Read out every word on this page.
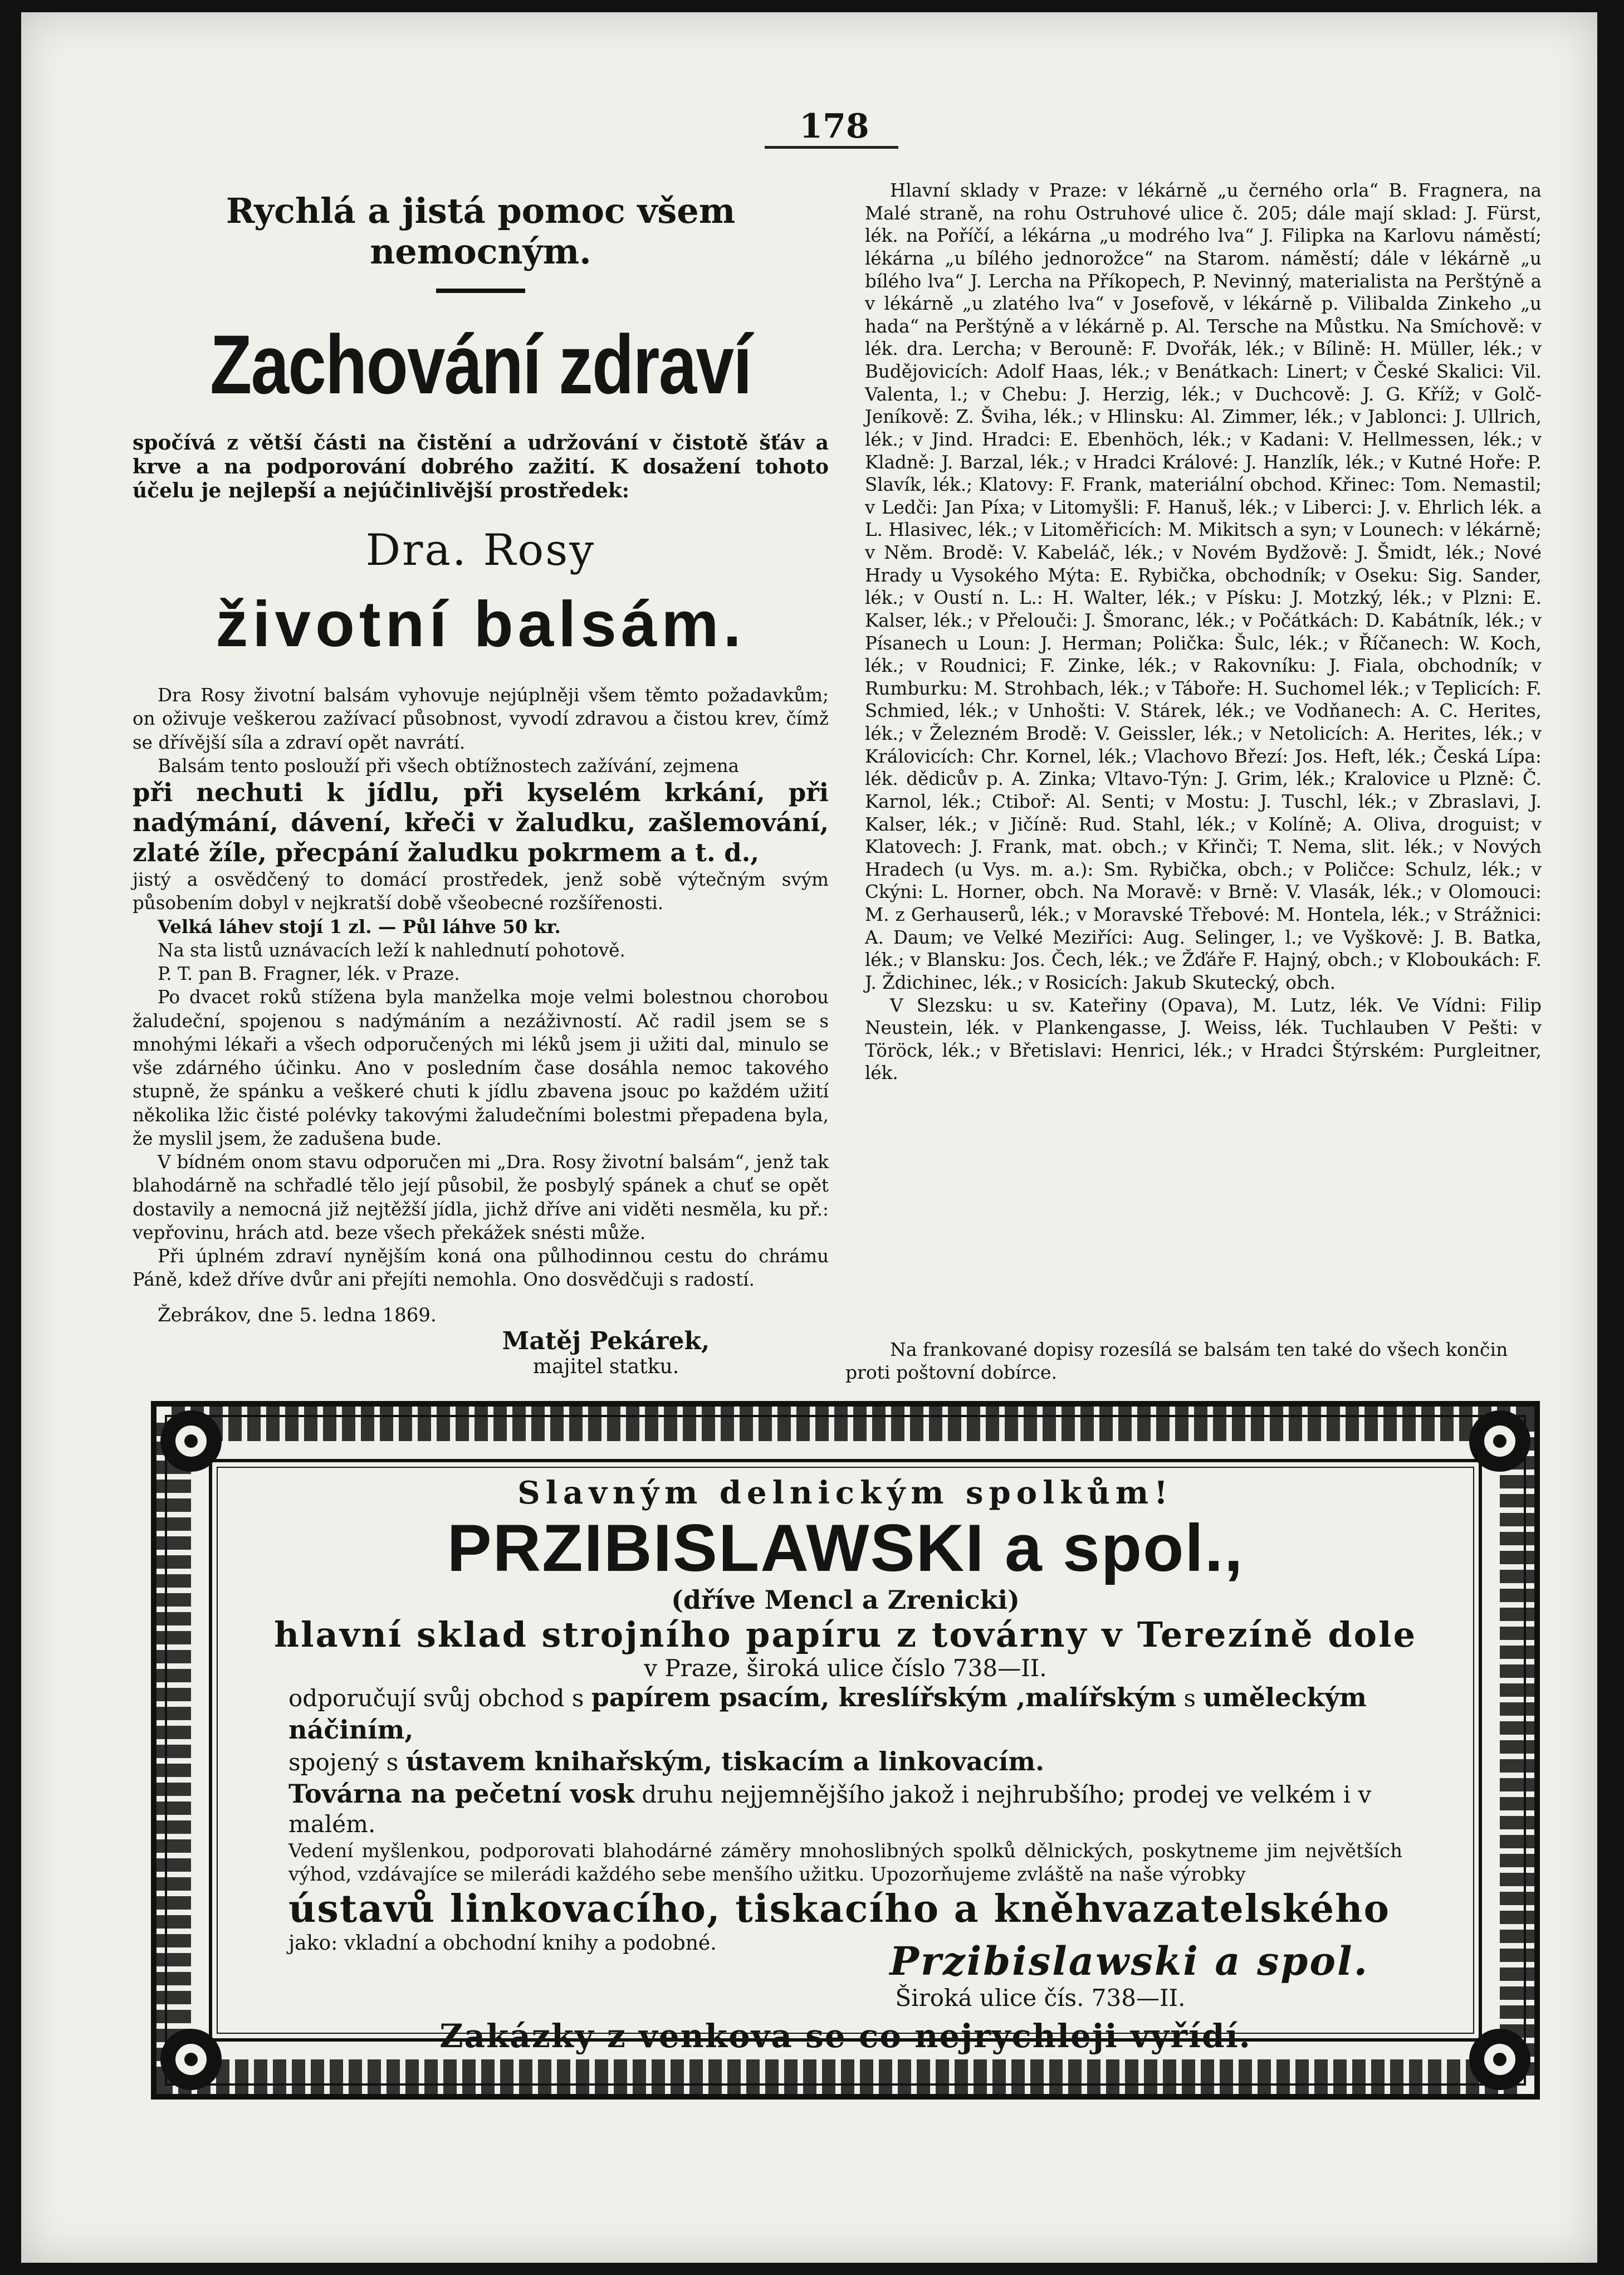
178
Rychlá a jistá pomoc všem nemocným.
Zachování zdraví
spočívá z větší části na čistění a udržování v čistotě šťáv a krve a na podporování dobrého zažití. K dosažení tohoto účelu je nejlepší a nejúčinlivější prostředek:
Dra. Rosy
životní balsám.

Dra Rosy životní balsám vyhovuje nejúplněji všem těmto požadavkům; on oživuje veškerou zažívací působnost, vyvodí zdravou a čistou krev, čímž se dřívější síla a zdraví opět navrátí.

Balsám tento poslouží při všech obtížnostech zažívání, zejmena

při nechuti k jídlu, při kyselém krkání, při nadýmání, dávení, křeči v žaludku, zašlemování, zlaté žíle, přecpání žaludku pokrmem a t. d.,
jistý a osvědčený to domácí prostředek, jenž sobě výtečným svým působením dobyl v nejkratší době všeobecné rozšířenosti.

Velká láhev stojí 1 zl. — Půl láhve 50 kr.

Na sta listů uznávacích leží k nahlednutí pohotově.

P. T. pan B. Fragner, lék. v Praze.

Po dvacet roků stížena byla manželka moje velmi bolestnou chorobou žaludeční, spojenou s nadýmáním a nezáživností. Ač radil jsem se s mnohými lékaři a všech odporučených mi léků jsem ji užiti dal, minulo se vše zdárného účinku. Ano v posledním čase dosáhla nemoc takového stupně, že spánku a veškeré chuti k jídlu zbavena jsouc po každém užití několika lžic čisté polévky takovými žaludečními bolestmi přepadena byla, že myslil jsem, že zadušena bude.

V bídném onom stavu odporučen mi „Dra. Rosy životní balsám“, jenž tak blahodárně na schřadlé tělo její působil, že posbylý spánek a chuť se opět dostavily a nemocná již nejtěžší jídla, jichž dříve ani viděti nesměla, ku př.: vepřovinu, hrách atd. beze všech překážek snésti může.

Při úplném zdraví nynějším koná ona půlhodinnou cestu do chrámu Páně, kdež dříve dvůr ani přejíti nemohla. Ono dosvědčuji s radostí.

Žebrákov, dne 5. ledna 1869.
Matěj Pekárek,
majitel statku.

Hlavní sklady v Praze: v lékárně „u černého orla“ B. Fragnera, na Malé straně, na rohu Ostruhové ulice č. 205; dále mají sklad: J. Fürst, lék. na Poříčí, a lékárna „u modrého lva“ J. Filipka na Karlovu náměstí; lékárna „u bílého jednorožce“ na Starom. náměstí; dále v lékárně „u bílého lva“ J. Lercha na Příkopech, P. Nevinný, materialista na Perštýně a v lékárně „u zlatého lva“ v Josefově, v lékárně p. Vilibalda Zinkeho „u hada“ na Perštýně a v lékárně p. Al. Tersche na Můstku. Na Smíchově: v lék. dra. Lercha; v Berouně: F. Dvořák, lék.; v Bílině: H. Müller, lék.; v Budějovicích: Adolf Haas, lék.; v Benátkach: Linert; v České Skalici: Vil. Valenta, l.; v Chebu: J. Herzig, lék.; v Duchcově: J. G. Kříž; v Golč-Jeníkově: Z. Šviha, lék.; v Hlinsku: Al. Zimmer, lék.; v Jablonci: J. Ullrich, lék.; v Jind. Hradci: E. Ebenhöch, lék.; v Kadani: V. Hellmessen, lék.; v Kladně: J. Barzal, lék.; v Hradci Králové: J. Hanzlík, lék.; v Kutné Hoře: P. Slavík, lék.; Klatovy: F. Frank, materiální obchod. Křinec: Tom. Nemastil; v Ledči: Jan Píxa; v Litomyšli: F. Hanuš, lék.; v Liberci: J. v. Ehrlich lék. a L. Hlasivec, lék.; v Litoměřicích: M. Mikitsch a syn; v Lounech: v lékárně; v Něm. Brodě: V. Kabeláč, lék.; v Novém Bydžově: J. Šmidt, lék.; Nové Hrady u Vysokého Mýta: E. Rybička, obchodník; v Oseku: Sig. Sander, lék.; v Oustí n. L.: H. Walter, lék.; v Písku: J. Motzký, lék.; v Plzni: E. Kalser, lék.; v Přelouči: J. Šmoranc, lék.; v Počátkách: D. Kabátník, lék.; v Písanech u Loun: J. Herman; Polička: Šulc, lék.; v Říčanech: W. Koch, lék.; v Roudnici; F. Zinke, lék.; v Rakovníku: J. Fiala, obchodník; v Rumburku: M. Strohbach, lék.; v Táboře: H. Suchomel lék.; v Teplicích: F. Schmied, lék.; v Unhošti: V. Stárek, lék.; ve Vodňanech: A. C. Herites, lék.; v Železném Brodě: V. Geissler, lék.; v Netolicích: A. Herites, lék.; v Královicích: Chr. Kornel, lék.; Vlachovo Březí: Jos. Heft, lék.; Česká Lípa: lék. dědicův p. A. Zinka; Vltavo-Týn: J. Grim, lék.; Kralovice u Plzně: Č. Karnol, lék.; Ctiboř: Al. Senti; v Mostu: J. Tuschl, lék.; v Zbraslavi, J. Kalser, lék.; v Jičíně: Rud. Stahl, lék.; v Kolíně; A. Oliva, droguist; v Klatovech: J. Frank, mat. obch.; v Křinči; T. Nema, slit. lék.; v Nových Hradech (u Vys. m. a.): Sm. Rybička, obch.; v Poličce: Schulz, lék.; v Ckýni: L. Horner, obch. Na Moravě: v Brně: V. Vlasák, lék.; v Olomouci: M. z Gerhauserů, lék.; v Moravské Třebové: M. Hontela, lék.; v Strážnici: A. Daum; ve Velké Meziříci: Aug. Selinger, l.; ve Vyškově: J. B. Batka, lék.; v Blansku: Jos. Čech, lék.; ve Žďáře F. Hajný, obch.; v Kloboukách: F. J. Ždichinec, lék.; v Rosicích: Jakub Skutecký, obch.

V Slezsku: u sv. Kateřiny (Opava), M. Lutz, lék. Ve Vídni: Filip Neustein, lék. v Plankengasse, J. Weiss, lék. Tuchlauben V Pešti: v Töröck, lék.; v Břetislavi: Henrici, lék.; v Hradci Štýrském: Purgleitner, lék.

Na frankované dopisy rozesílá se balsám ten také do všech končin proti poštovní dobírce.
Slavným delnickým spolkům!
PRZIBISLAWSKI a spol.,
(dříve Mencl a Zrenicki)
hlavní sklad strojního papíru z továrny v Terezíně dole
v Praze, široká ulice číslo 738—II.
odporučují svůj obchod s papírem psacím, kreslířským ,malířským s uměleckým náčiním,
spojený s ústavem knihařským, tiskacím a linkovacím.
Továrna na pečetní vosk druhu nejjemnějšího jakož i nejhrubšího; prodej ve velkém i v malém.
Vedení myšlenkou, podporovati blahodárné záměry mnohoslibných spolků dělnických, poskytneme jim největších výhod, vzdávajíce se milerádi každého sebe menšího užitku. Upozorňujeme zvláště na naše výrobky
ústavů linkovacího, tiskacího a kněhvazatelského
jako: vkladní a obchodní knihy a podobné.	Przibislawski a spol.
Široká ulice čís. 738—II.
Zakázky z venkova se co nejrychleji vyřídí.
